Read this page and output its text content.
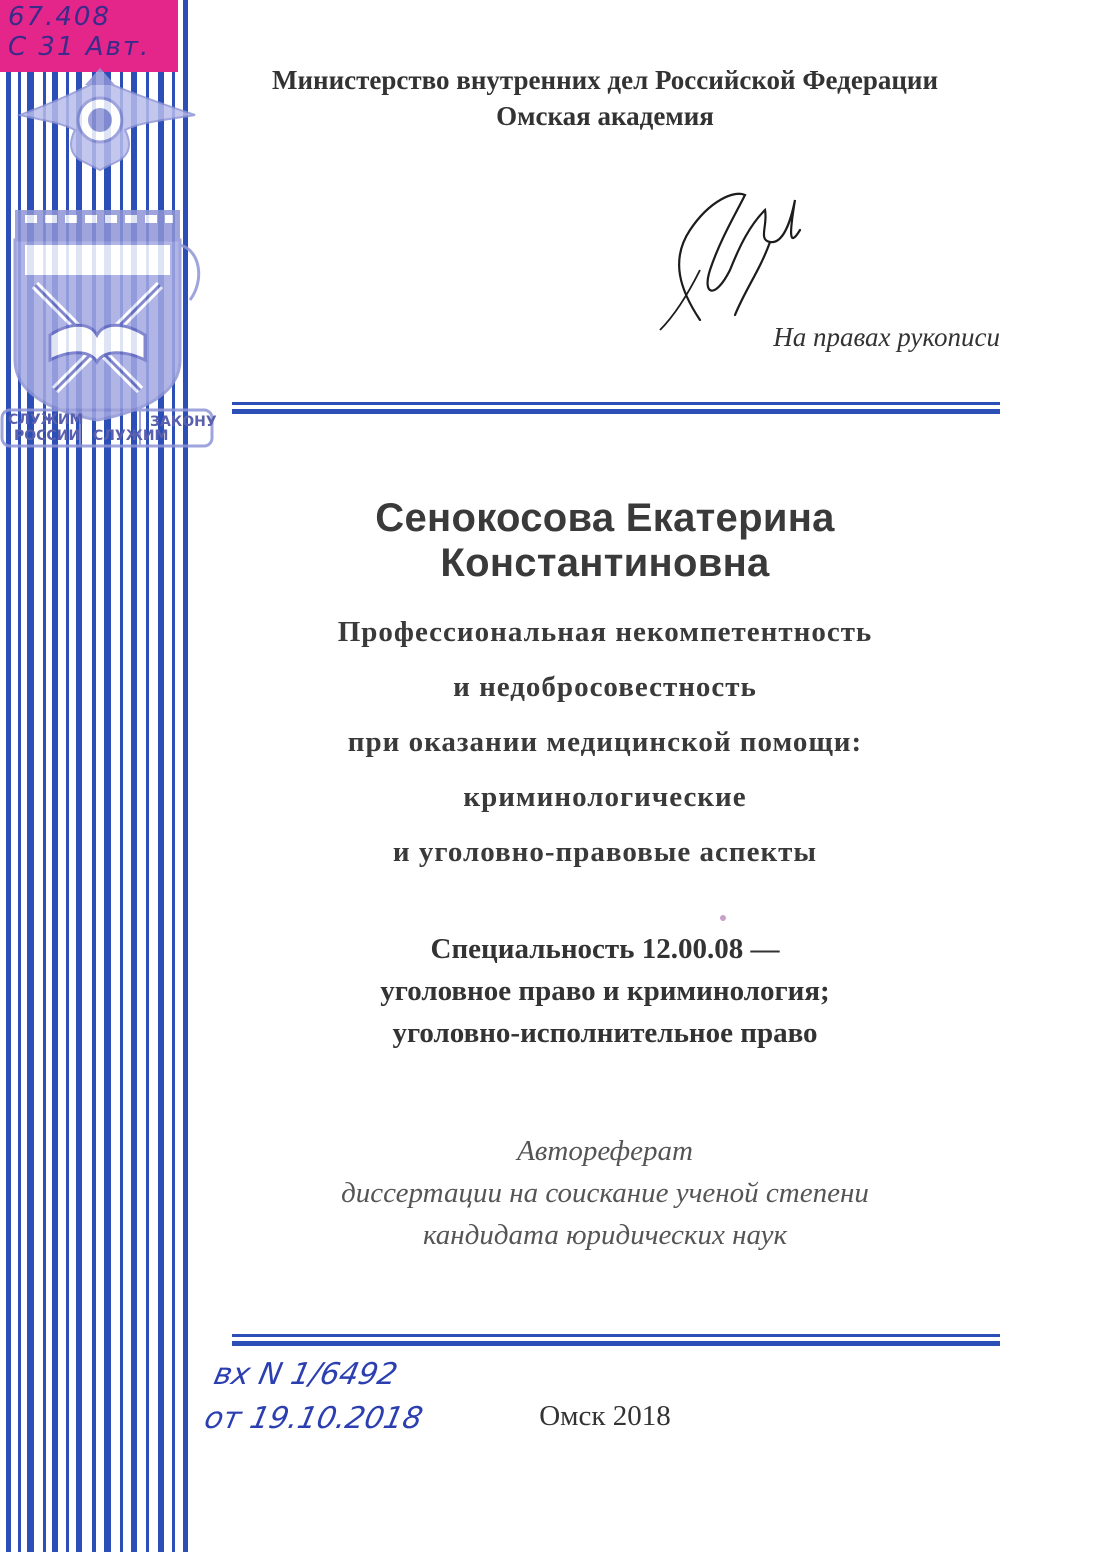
67.408
С 31 Авт.
ЗАКОНУ
СЛУЖИМ
РОССИИ
СЛУЖИМ
Министерство внутренних дел Российской Федерации
Омская академия
На правах рукописи
Сенокосова Екатерина Константиновна
Профессиональная некомпетентность
и недобросовестность
при оказании медицинской помощи:
криминологические
и уголовно-правовые аспекты
Специальность 12.00.08 —
уголовное право и криминология;
уголовно-исполнительное право
Автореферат
диссертации на соискание ученой степени
кандидата юридических наук
вх N 1/6492
от 19.10.2018	Омск 2018
